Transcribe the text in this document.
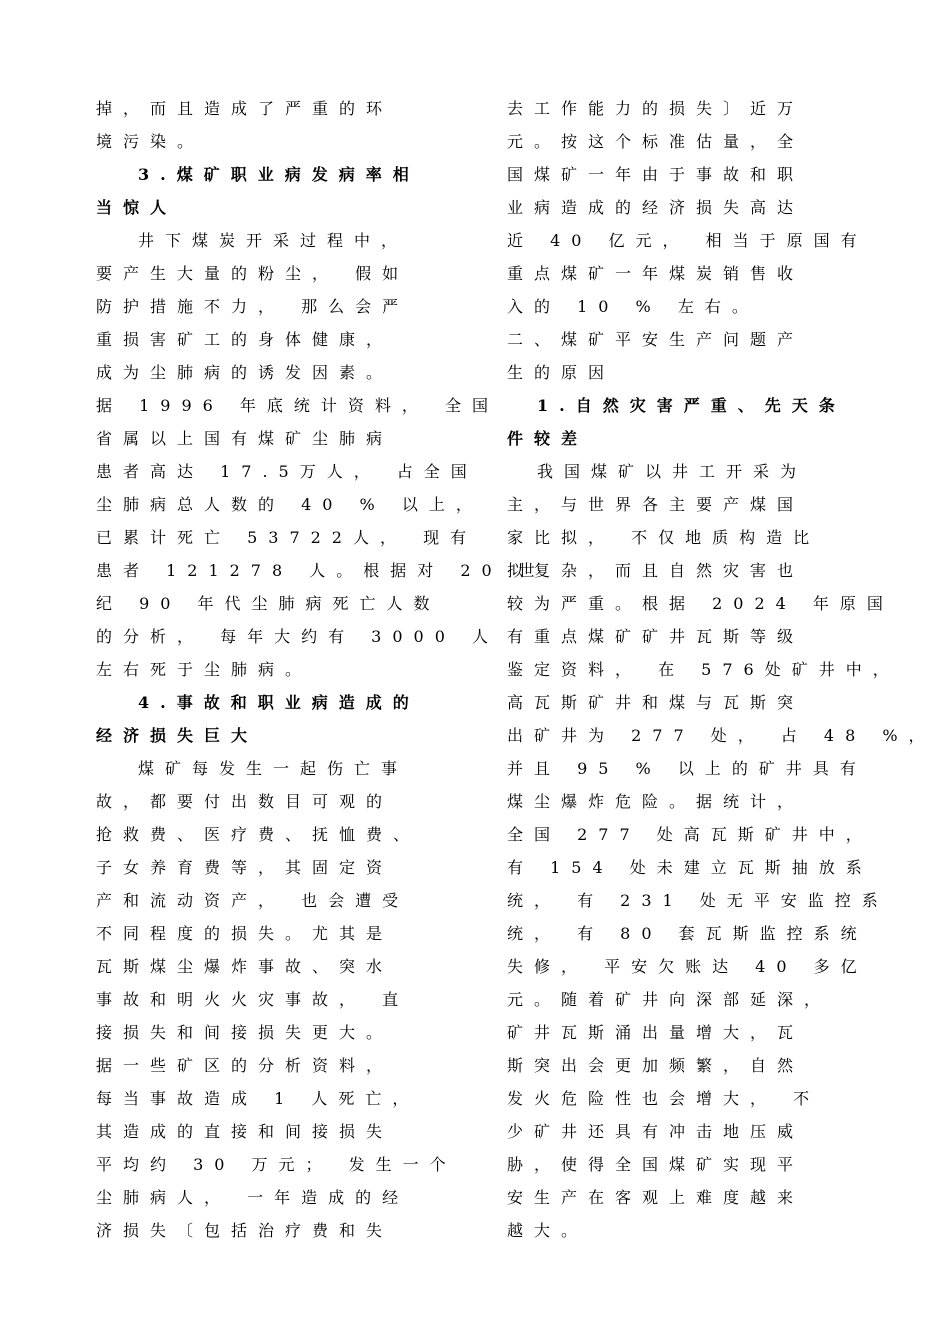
掉，而且造成了严重的环
境污染。
3.煤矿职业病发病率相
当惊人
井下煤炭开采过程中，
要产生大量的粉尘， 假如
防护措施不力， 那么会严
重损害矿工的身体健康，
成为尘肺病的诱发因素。
据 1996 年底统计资料， 全国
省属以上国有煤矿尘肺病
患者高达 17.5万人， 占全国
尘肺病总人数的 40 % 以上，
已累计死亡 53722人， 现有
患者 121278 人。根据对 20 世
纪 90 年代尘肺病死亡人数
的分析， 每年大约有 3000 人
左右死于尘肺病。
4.事故和职业病造成的
经济损失巨大
煤矿每发生一起伤亡事
故，都要付出数目可观的
抢救费、医疗费、抚恤费、
子女养育费等，其固定资
产和流动资产， 也会遭受
不同程度的损失。尤其是
瓦斯煤尘爆炸事故、突水
事故和明火火灾事故， 直
接损失和间接损失更大。
据一些矿区的分析资料，
每当事故造成 1 人死亡，
其造成的直接和间接损失
平均约 30 万元； 发生一个
尘肺病人， 一年造成的经
济损失〔包括治疗费和失
去工作能力的损失〕近万
元。按这个标准估量，全
国煤矿一年由于事故和职
业病造成的经济损失高达
近 40 亿元， 相当于原国有
重点煤矿一年煤炭销售收
入的 10 % 左右。
二、煤矿平安生产问题产
生的原因
1.自然灾害严重、先天条
件较差
我国煤矿以井工开采为
主，与世界各主要产煤国
家比拟， 不仅地质构造比
拟复杂，而且自然灾害也
较为严重。根据 2024 年原国
有重点煤矿矿井瓦斯等级
鉴定资料， 在 576处矿井中，
高瓦斯矿井和煤与瓦斯突
出矿井为 277 处， 占 48 %，
并且 95 % 以上的矿井具有
煤尘爆炸危险。据统计，
全国 277 处高瓦斯矿井中，
有 154 处未建立瓦斯抽放系
统， 有 231 处无平安监控系
统， 有 80 套瓦斯监控系统
失修， 平安欠账达 40 多亿
元。随着矿井向深部延深，
矿井瓦斯涌出量增大，瓦
斯突出会更加频繁，自然
发火危险性也会增大， 不
少矿井还具有冲击地压威
胁，使得全国煤矿实现平
安生产在客观上难度越来
越大。
